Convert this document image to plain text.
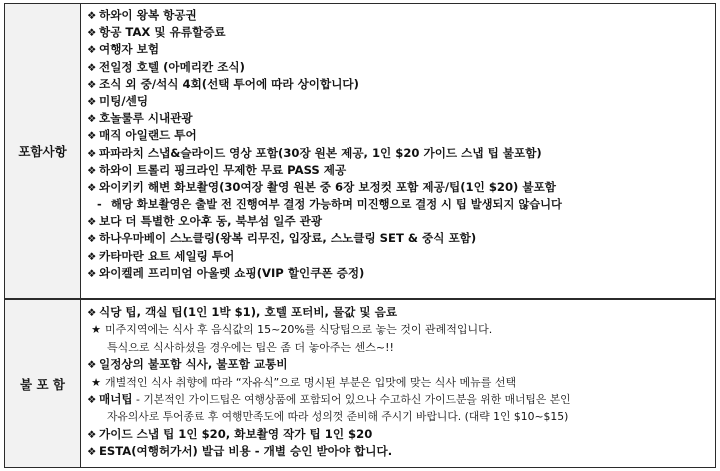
포함사항
❖ 하와이 왕복 항공권
❖ 항공 TAX 및 유류할증료
❖ 여행자 보험
❖ 전일정 호텔 (아메리칸 조식)
❖ 조식 외 중/석식 4회(선택 투어에 따라 상이합니다)
❖ 미팅/센딩
❖ 호놀룰루 시내관광
❖ 매직 아일랜드 투어
❖ 파파라치 스냅&슬라이드 영상 포함(30장 원본 제공, 1인 $20 가이드 스냅 팁 불포함)
❖ 하와이 트롤리 핑크라인 무제한 무료 PASS 제공
❖ 와이키키 해변 화보촬영(30여장 촬영 원본 중 6장 보정컷 포함 제공/팁(1인 $20) 불포함
- 해당 화보촬영은 출발 전 진행여부 결정 가능하며 미진행으로 결정 시 팁 발생되지 않습니다
❖ 보다 더 특별한 오아후 동, 북부섬 일주 관광
❖ 하나우마베이 스노클링(왕복 리무진, 입장료, 스노클링 SET & 중식 포함)
❖ 카타마란 요트 세일링 투어
❖ 와이켈레 프리미엄 아울렛 쇼핑(VIP 할인쿠폰 증정)
불 포 함
❖ 식당 팁, 객실 팁(1인 1박 $1), 호텔 포터비, 물값 및 음료
★ 미주지역에는 식사 후 음식값의 15~20%를 식당팁으로 놓는 것이 관례적입니다.
특식으로 식사하셨을 경우에는 팁은 좀 더 놓아주는 센스~!!
❖ 일정상의 불포함 식사, 불포함 교통비
★ 개별적인 식사 취향에 따라 “자유식”으로 명시된 부분은 입맛에 맞는 식사 메뉴를 선택
❖ 매너팁 - 기본적인 가이드팁은 여행상품에 포함되어 있으나 수고하신 가이드분을 위한 매너팁은 본인
자유의사로 투어종료 후 여행만족도에 따라 성의껏 준비해 주시기 바랍니다. (대략 1인 $10~$15)
❖ 가이드 스냅 팁 1인 $20, 화보촬영 작가 팁 1인 $20
❖ ESTA(여행허가서) 발급 비용 - 개별 승인 받아야 합니다.
